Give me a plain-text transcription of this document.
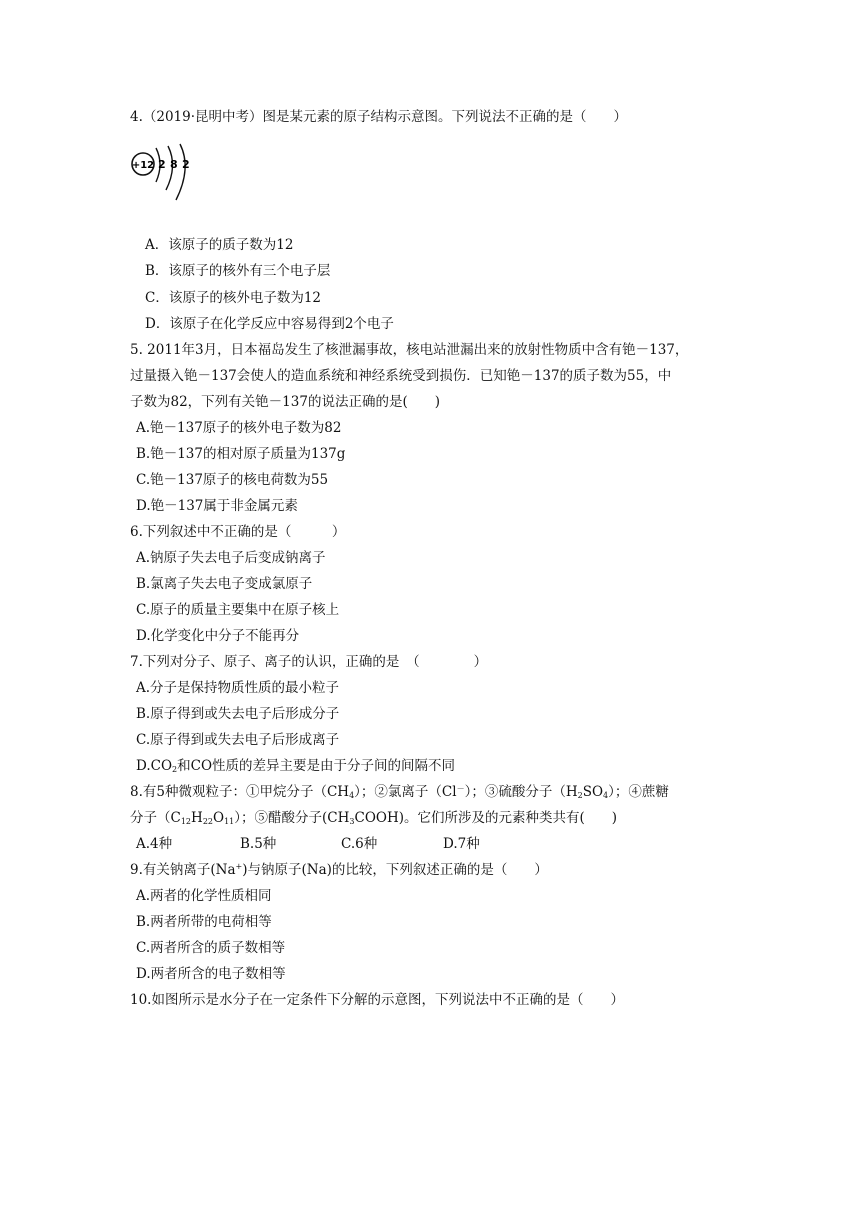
4.（2019·昆明中考）图是某元素的原子结构示意图。下列说法不正确的是（　　）
+12 2 8 2
A．该原子的质子数为12
B．该原子的核外有三个电子层
C．该原子的核外电子数为12
D．该原子在化学反应中容易得到2个电子
5. 2011年3月，日本福岛发生了核泄漏事故，核电站泄漏出来的放射性物质中含有铯－137，
过量摄入铯－137会使人的造血系统和神经系统受到损伤．已知铯－137的质子数为55，中
子数为82，下列有关铯－137的说法正确的是(　　)
A.铯－137原子的核外电子数为82
B.铯－137的相对原子质量为137g
C.铯－137原子的核电荷数为55
D.铯－137属于非金属元素
6.下列叙述中不正确的是（　　　）
A.钠原子失去电子后变成钠离子
B.氯离子失去电子变成氯原子
C.原子的质量主要集中在原子核上
D.化学变化中分子不能再分
7.下列对分子、原子、离子的认识，正确的是　（　　　　）
A.分子是保持物质性质的最小粒子
B.原子得到或失去电子后形成分子
C.原子得到或失去电子后形成离子
$D.CO_2$和CO性质的差异主要是由于分子间的间隔不同
8.有5种微观粒子：①甲烷分子$(CH_4)$；②氯离子（Cl－）；③硫酸分子$(H_2SO_4)$；④蔗糖
分子$(C_{12}H_{22}O_{11})$；⑤醋酸分子$(CH_3COOH)$。它们所涉及的元素种类共有(　　)
A.4种	B.5种	C.6种	D.7种
9.有关钠离子(Na+)与钠原子(Na)的比较，下列叙述正确的是（　　）
A.两者的化学性质相同
B.两者所带的电荷相等
C.两者所含的质子数相等
D.两者所含的电子数相等
10.如图所示是水分子在一定条件下分解的示意图，下列说法中不正确的是（　　）
